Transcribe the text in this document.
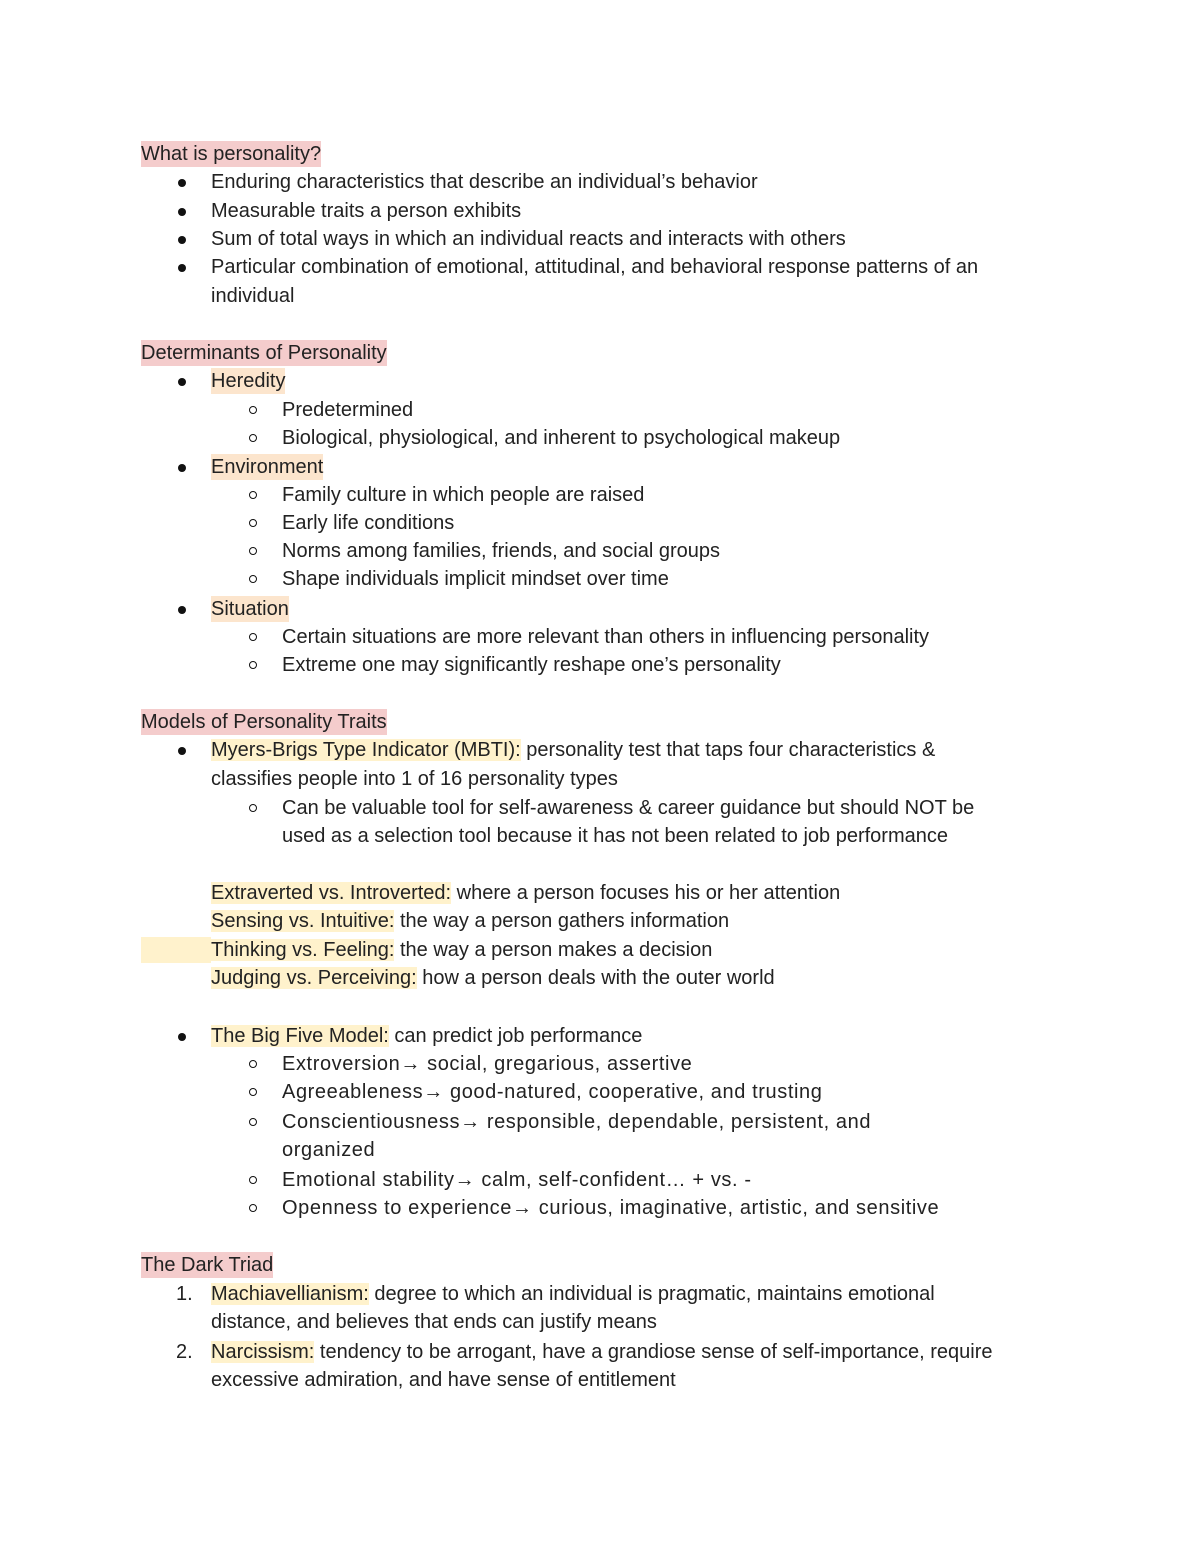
What is personality?
Enduring characteristics that describe an individual’s behavior
Measurable traits a person exhibits
Sum of total ways in which an individual reacts and interacts with others
Particular combination of emotional, attitudinal, and behavioral response patterns of an
individual
Determinants of Personality
Heredity
Predetermined
Biological, physiological, and inherent to psychological makeup
Environment
Family culture in which people are raised
Early life conditions
Norms among families, friends, and social groups
Shape individuals implicit mindset over time
Situation
Certain situations are more relevant than others in influencing personality
Extreme one may significantly reshape one’s personality
Models of Personality Traits
Myers-Brigs Type Indicator (MBTI): personality test that taps four characteristics &
classifies people into 1 of 16 personality types
Can be valuable tool for self-awareness & career guidance but should NOT be
used as a selection tool because it has not been related to job performance
Extraverted vs. Introverted: where a person focuses his or her attention
Sensing vs. Intuitive: the way a person gathers information
Thinking vs. Feeling: the way a person makes a decision
Judging vs. Perceiving: how a person deals with the outer world
The Big Five Model: can predict job performance
Extroversion→ social, gregarious, assertive
Agreeableness→ good-natured, cooperative, and trusting
Conscientiousness→ responsible, dependable, persistent, and
organized
Emotional stability→ calm, self-confident… + vs. -
Openness to experience→ curious, imaginative, artistic, and sensitive
The Dark Triad
1. Machiavellianism: degree to which an individual is pragmatic, maintains emotional
distance, and believes that ends can justify means
2. Narcissism: tendency to be arrogant, have a grandiose sense of self-importance, require
excessive admiration, and have sense of entitlement
